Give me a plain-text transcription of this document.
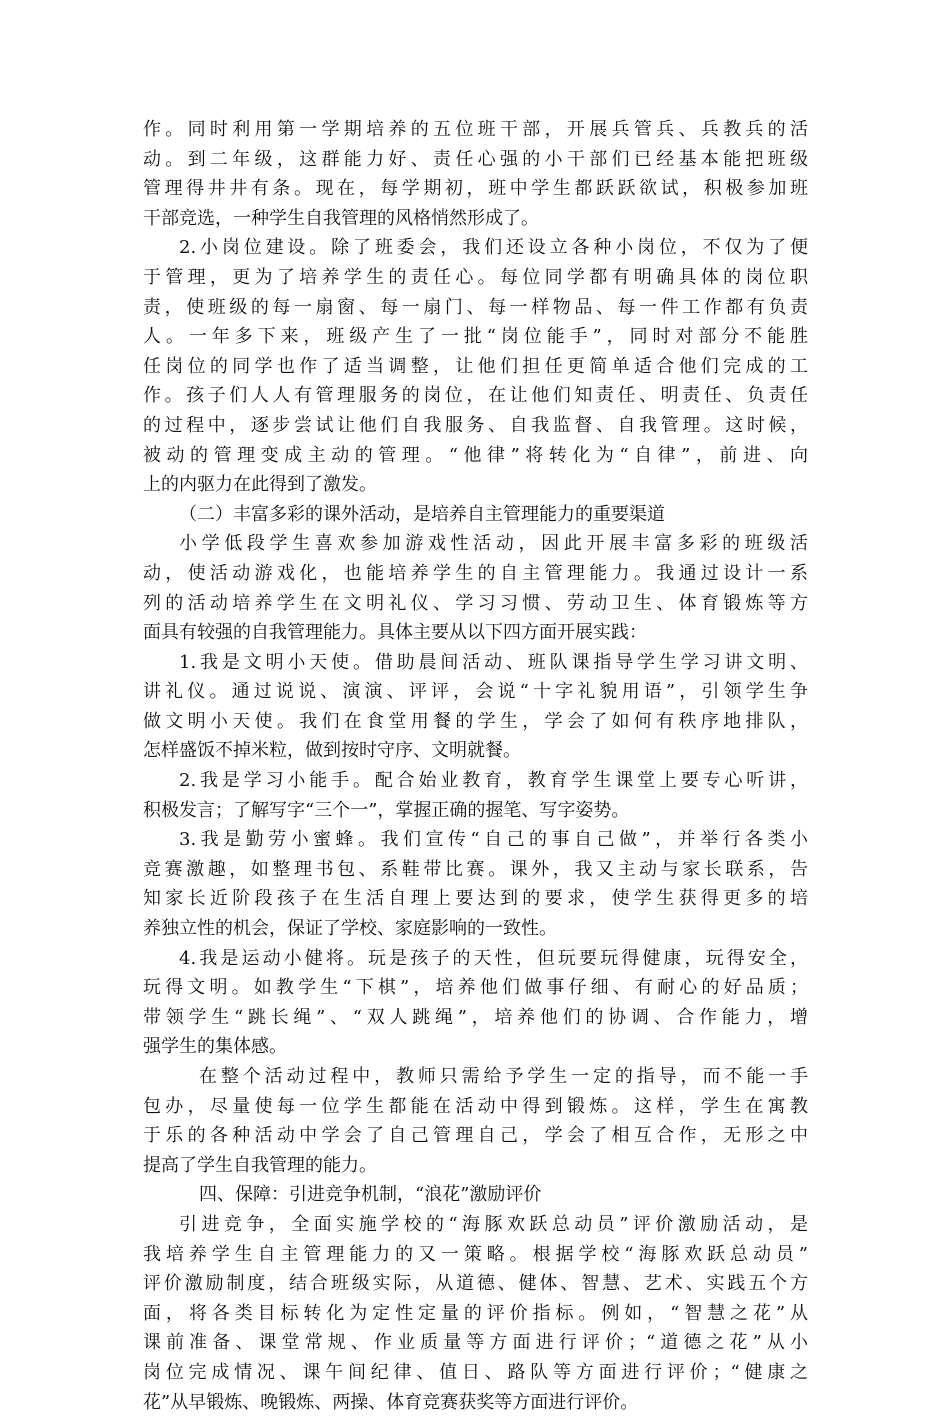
作。同时利用第一学期培养的五位班干部，开展兵管兵、兵教兵的活
动。到二年级，这群能力好、责任心强的小干部们已经基本能把班级
管理得井井有条。现在，每学期初，班中学生都跃跃欲试，积极参加班
干部竞选，一种学生自我管理的风格悄然形成了。
2.小岗位建设。除了班委会，我们还设立各种小岗位，不仅为了便
于管理，更为了培养学生的责任心。每位同学都有明确具体的岗位职
责，使班级的每一扇窗、每一扇门、每一样物品、每一件工作都有负责
人。一年多下来，班级产生了一批“岗位能手”，同时对部分不能胜
任岗位的同学也作了适当调整，让他们担任更简单适合他们完成的工
作。孩子们人人有管理服务的岗位，在让他们知责任、明责任、负责任
的过程中，逐步尝试让他们自我服务、自我监督、自我管理。这时候，
被动的管理变成主动的管理。“他律”将转化为“自律”，前进、向
上的内驱力在此得到了激发。
（二）丰富多彩的课外活动，是培养自主管理能力的重要渠道
小学低段学生喜欢参加游戏性活动，因此开展丰富多彩的班级活
动，使活动游戏化，也能培养学生的自主管理能力。我通过设计一系
列的活动培养学生在文明礼仪、学习习惯、劳动卫生、体育锻炼等方
面具有较强的自我管理能力。具体主要从以下四方面开展实践：
1.我是文明小天使。借助晨间活动、班队课指导学生学习讲文明、
讲礼仪。通过说说、演演、评评，会说“十字礼貌用语”，引领学生争
做文明小天使。我们在食堂用餐的学生，学会了如何有秩序地排队，
怎样盛饭不掉米粒，做到按时守序、文明就餐。
2.我是学习小能手。配合始业教育，教育学生课堂上要专心听讲，
积极发言；了解写字“三个一”，掌握正确的握笔、写字姿势。
3.我是勤劳小蜜蜂。我们宣传“自己的事自己做”，并举行各类小
竞赛激趣，如整理书包、系鞋带比赛。课外，我又主动与家长联系，告
知家长近阶段孩子在生活自理上要达到的要求，使学生获得更多的培
养独立性的机会，保证了学校、家庭影响的一致性。
4.我是运动小健将。玩是孩子的天性，但玩要玩得健康，玩得安全，
玩得文明。如教学生“下棋”，培养他们做事仔细、有耐心的好品质；
带领学生“跳长绳”、“双人跳绳”，培养他们的协调、合作能力，增
强学生的集体感。
在整个活动过程中，教师只需给予学生一定的指导，而不能一手
包办，尽量使每一位学生都能在活动中得到锻炼。这样，学生在寓教
于乐的各种活动中学会了自己管理自己，学会了相互合作，无形之中
提高了学生自我管理的能力。
四、保障：引进竞争机制，“浪花”激励评价
引进竞争，全面实施学校的“海豚欢跃总动员”评价激励活动，是
我培养学生自主管理能力的又一策略。根据学校“海豚欢跃总动员”
评价激励制度，结合班级实际，从道德、健体、智慧、艺术、实践五个方
面，将各类目标转化为定性定量的评价指标。例如，“智慧之花”从
课前准备、课堂常规、作业质量等方面进行评价；“道德之花”从小
岗位完成情况、课午间纪律、值日、路队等方面进行评价；“健康之
花”从早锻炼、晚锻炼、两操、体育竞赛获奖等方面进行评价。
